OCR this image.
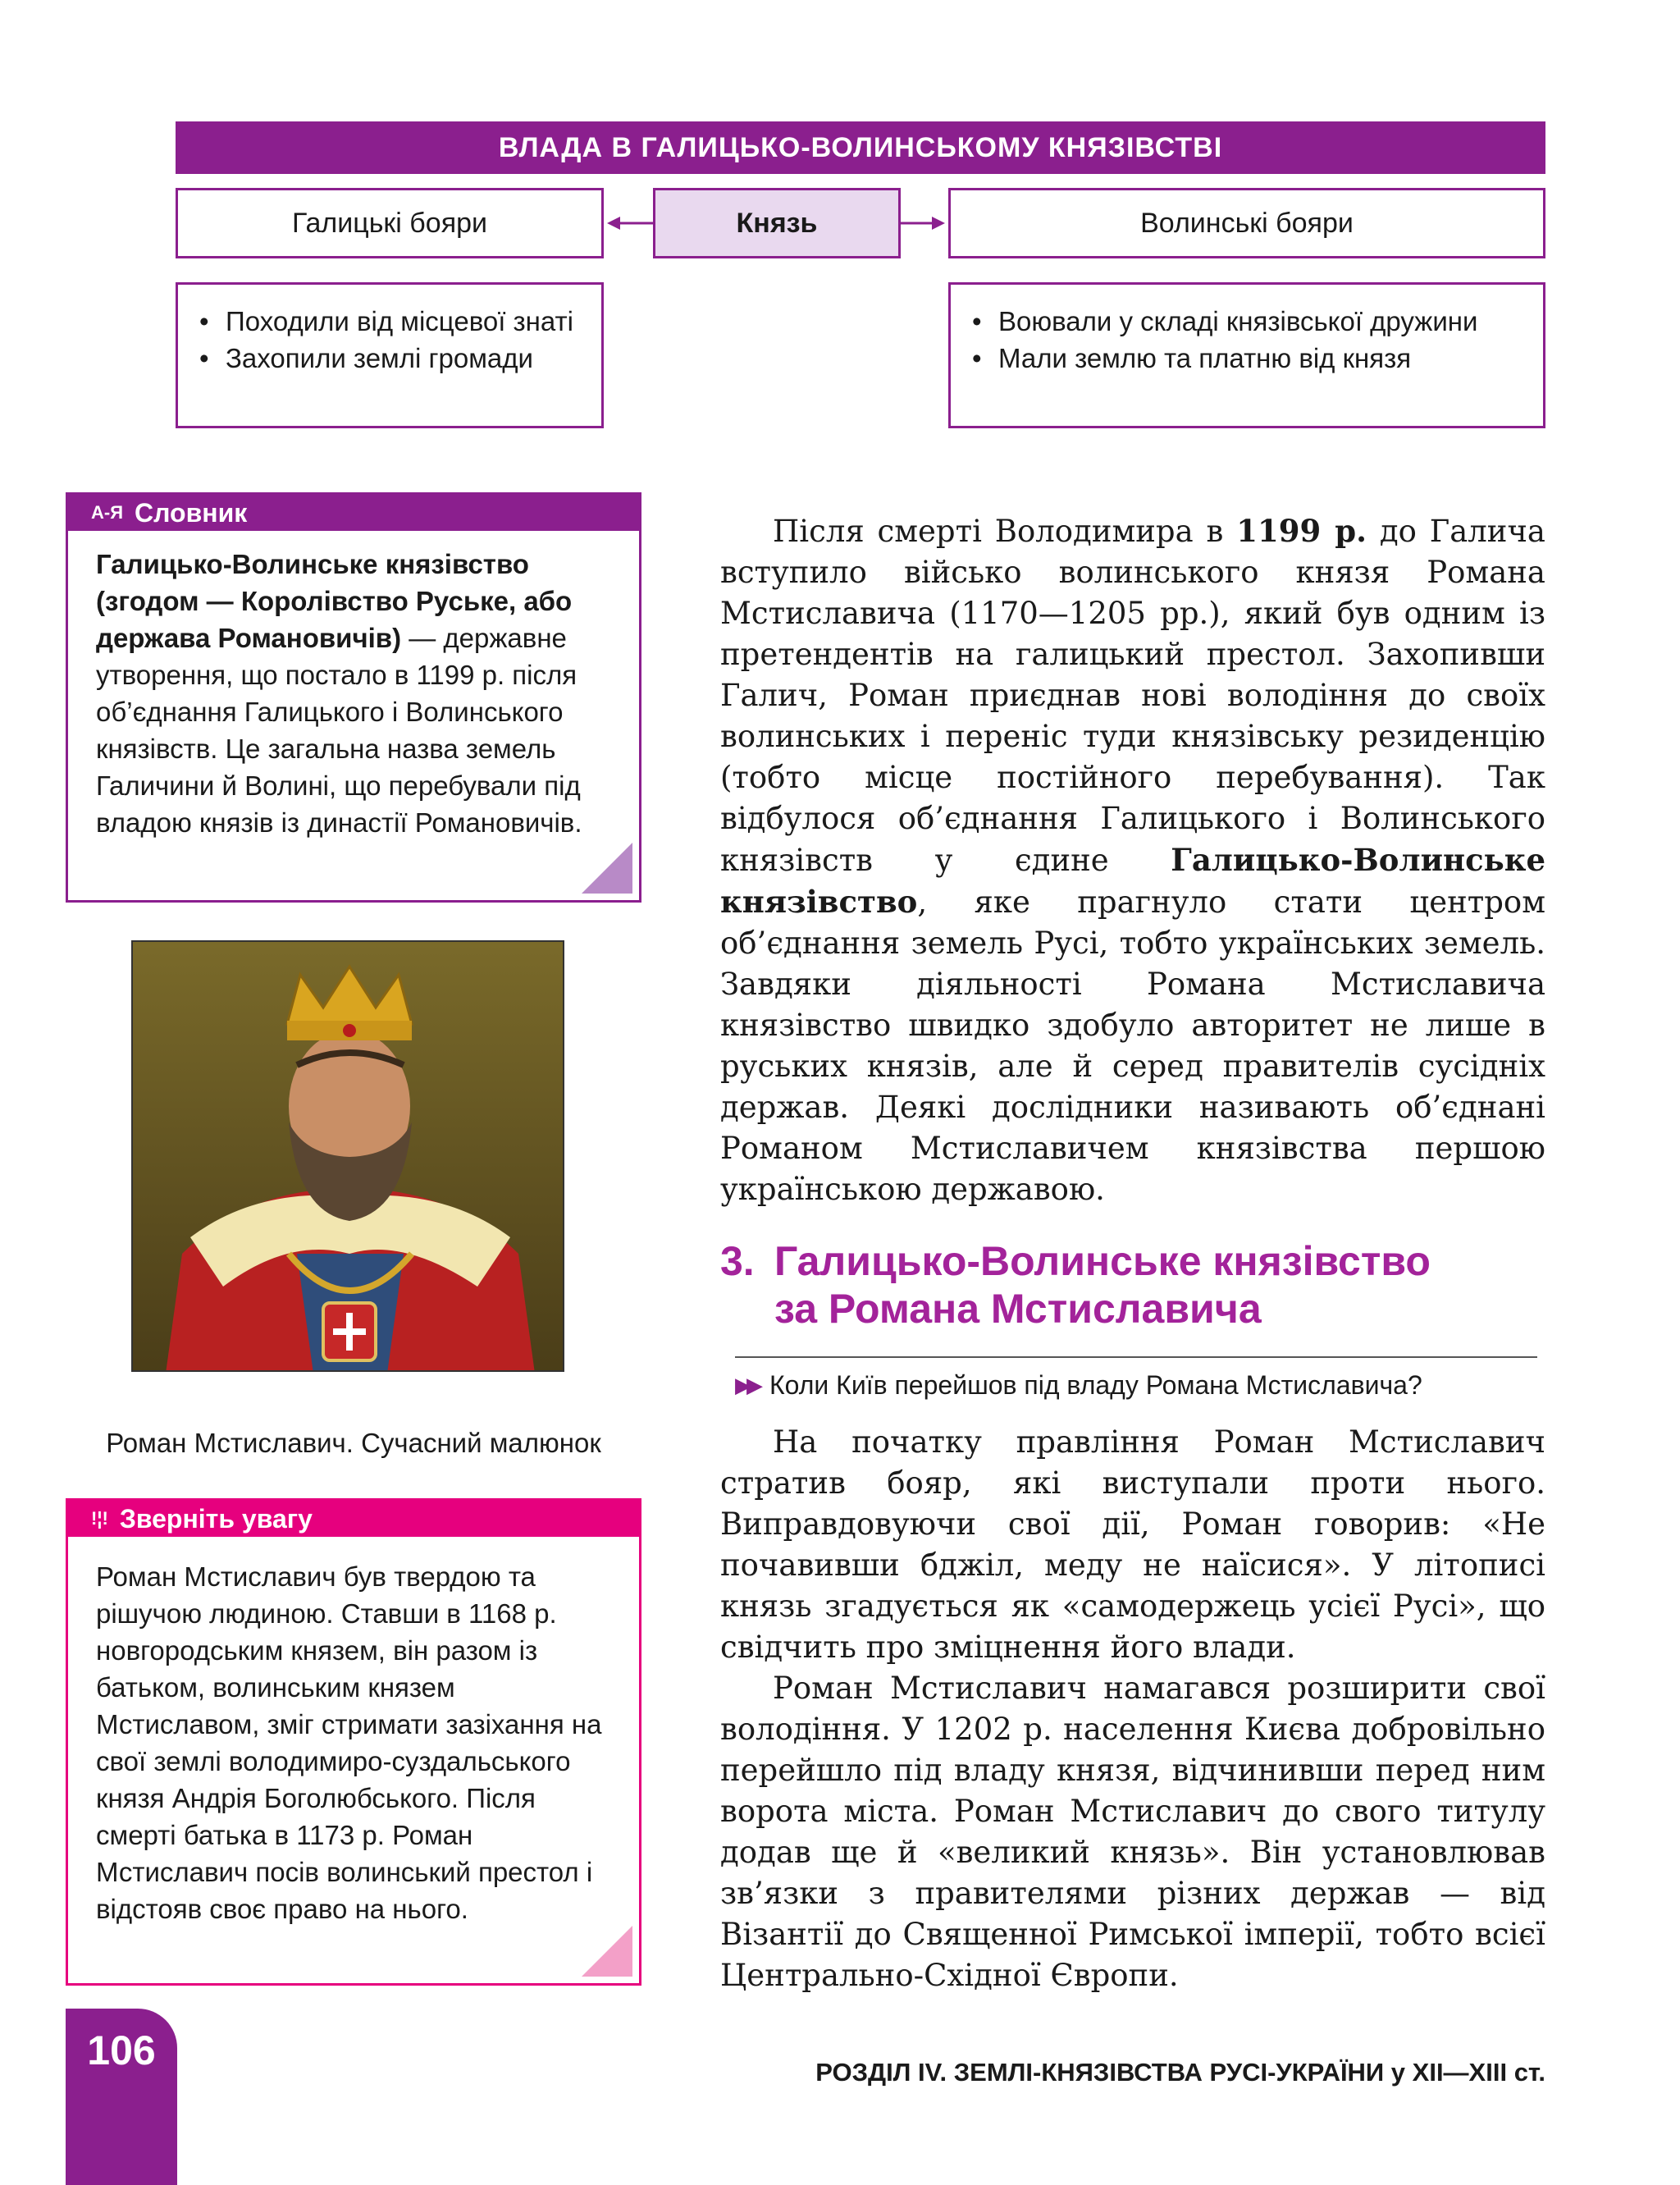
ВЛАДА В ГАЛИЦЬКО-ВОЛИНСЬКОМУ КНЯЗІВСТВІ
Галицькі бояри	Князь	Волинські бояри
• Походили від місцевої знаті
• Захопили землі громади
• Воювали у складі князівської дружини
• Мали землю та платню від князя
А-Я Словник
Галицько-Волинське князівство (згодом — Королівство Руське, або держава Романовичів) — державне утворення, що постало в 1199 р. після об’єднання Галицького і Волинського князівств. Це загальна назва земель Галичини й Волині, що перебували під владою князів із династії Романовичів.
Роман Мстиславич. Сучасний малюнок
!¦! Зверніть увагу
Роман Мстиславич був твердою та рішучою людиною. Ставши в 1168 р. новгородським князем, він разом із батьком, волинським князем Мстиславом, зміг стримати зазіхання на свої землі володимиро-суздальського князя Андрія Боголюбського. Після смерті батька в 1173 р. Роман Мстиславич посів волинський престол і відстояв своє право на нього.

Після смерті Володимира в 1199 р. до Галича вступило військо волинського князя Романа Мстиславича (1170—1205 рр.), який був одним із претендентів на галицький престол. Захопивши Галич, Роман приєднав нові володіння до своїх волинських і переніс туди князівську резиденцію (тобто місце постійного перебування). Так відбулося об’єднання Галицького і Волинського князівств у єдине Галицько-Волинське князівство, яке прагнуло стати центром об’єднання земель Русі, тобто українських земель. Завдяки діяльності Романа Мстиславича князівство швидко здобуло авторитет не лише в руських князів, але й серед правителів сусідніх держав. Деякі дослідники називають об’єднані Романом Мстиславичем князівства першою українською державою.

3. Галицько-Волинське князівство
за Романа Мстиславича
▶▶ Коли Київ перейшов під владу Романа Мстиславича?

На початку правління Роман Мстиславич стратив бояр, які виступали проти нього. Виправдовуючи свої дії, Роман говорив: «Не почавивши бджіл, меду не наїсися». У літописі князь згадується як «самодержець усієї Русі», що свідчить про зміцнення його влади.

Роман Мстиславич намагався розширити свої володіння. У 1202 р. населення Києва добровільно перейшло під владу князя, відчинивши перед ним ворота міста. Роман Мстиславич до свого титулу додав ще й «великий князь». Він установлював зв’язки з правителями різних держав — від Візантії до Священної Римської імперії, тобто всієї Центрально-Східної Європи.

106	РОЗДІЛ IV. ЗЕМЛІ-КНЯЗІВСТВА РУСІ-УКРАЇНИ у XII—XIII ст.
